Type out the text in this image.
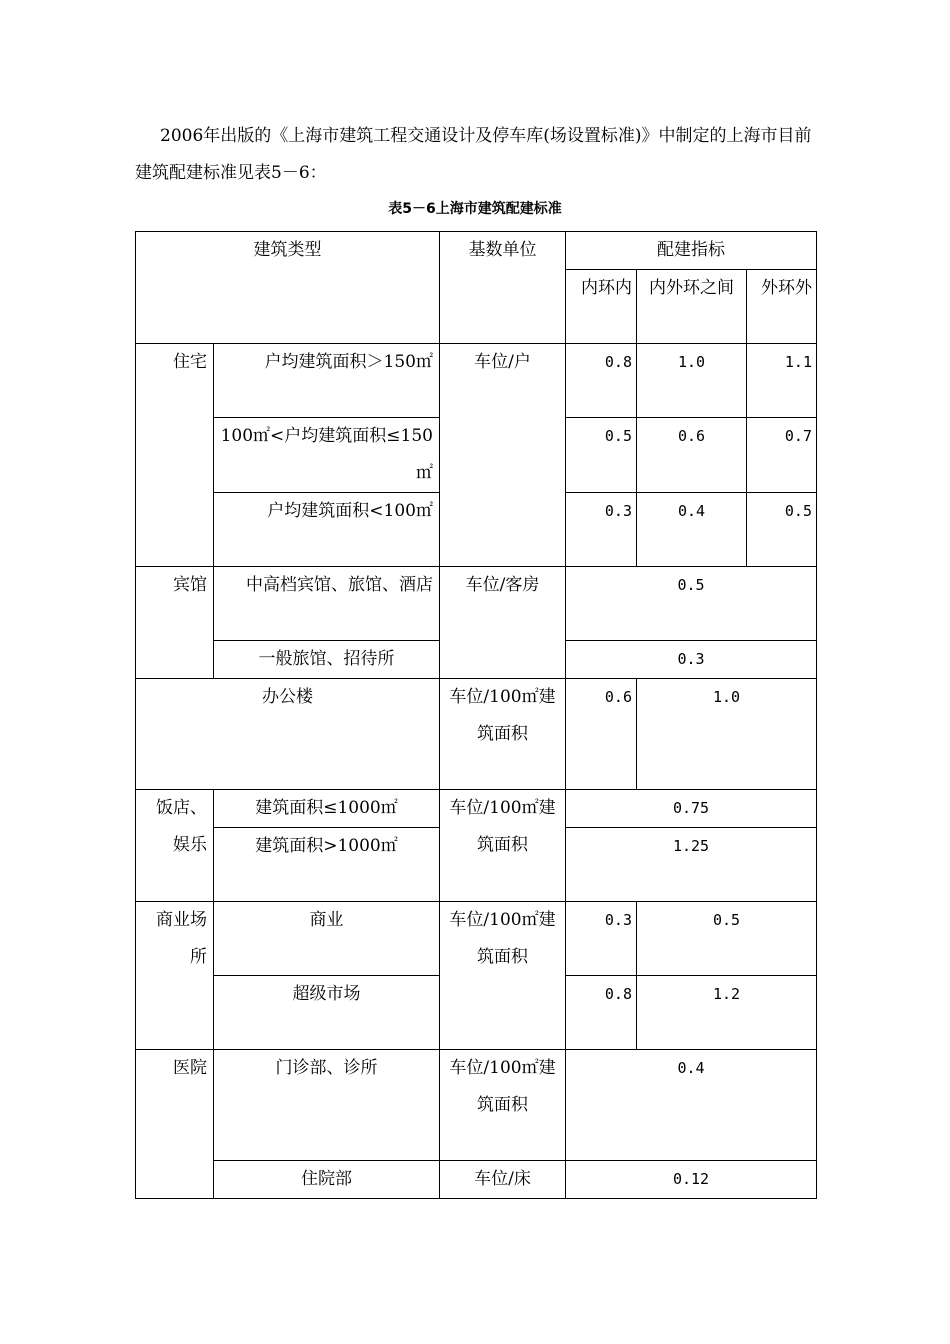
2006年出版的《上海市建筑工程交通设计及停车库(场设置标准)》中制定的上海市目前建筑配建标准见表5－6：

表5－6上海市建筑配建标准
建筑类型		基数单位	配建指标		
			内环内	内外环之间	外环外
住宅	户均建筑面积＞150㎡	车位/户	0.8	1.0	1.1
	100㎡<户均建筑面积≤150㎡		0.5	0.6	0.7
	户均建筑面积<100㎡		0.3	0.4	0.5
宾馆	中高档宾馆、旅馆、酒店	车位/客房	0.5		
	一般旅馆、招待所		0.3		
办公楼		车位/100㎡建筑面积	0.6	1.0	
饭店、娱乐	建筑面积≤1000㎡	车位/100㎡建筑面积	0.75		
	建筑面积>1000㎡		1.25		
商业场所	商业	车位/100㎡建筑面积	0.3	0.5	
	超级市场		0.8	1.2	
医院	门诊部、诊所	车位/100㎡建筑面积	0.4		
	住院部	车位/床	0.12		
